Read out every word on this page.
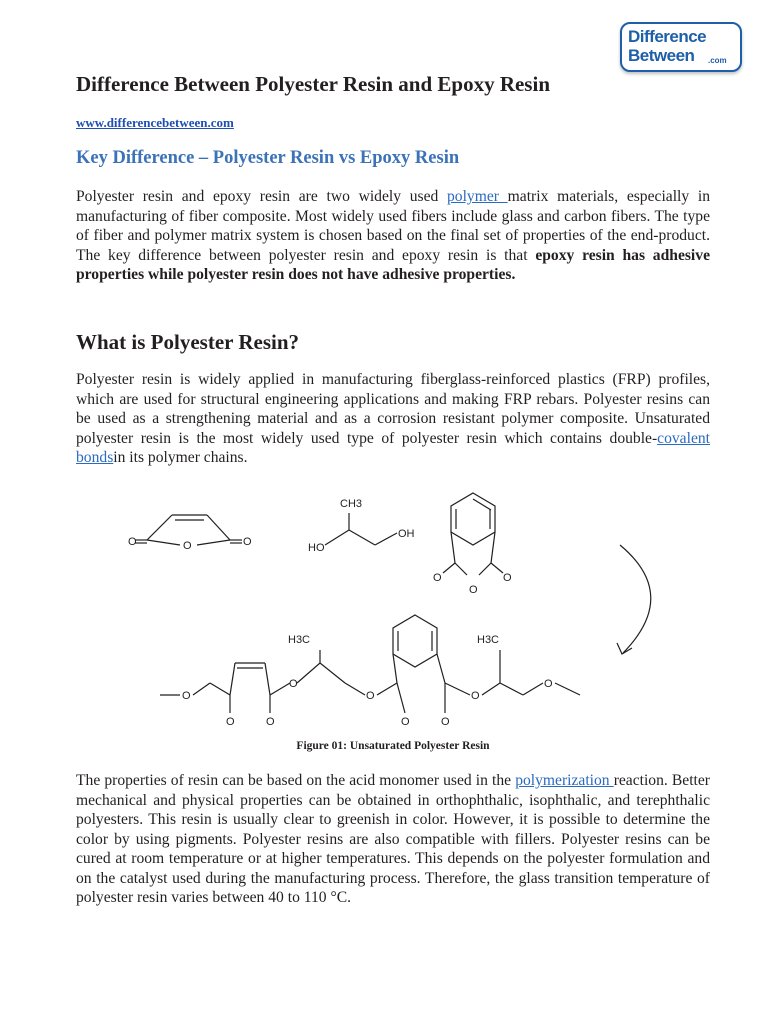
Difference
Between .com
Difference Between Polyester Resin and Epoxy Resin
www.differencebetween.com
Key Difference – Polyester Resin vs Epoxy Resin

Polyester resin and epoxy resin are two widely used polymer matrix materials, especially in manufacturing of fiber composite. Most widely used fibers include glass and carbon fibers. The type of fiber and polymer matrix system is chosen based on the final set of properties of the end-product. The key difference between polyester resin and epoxy resin is that epoxy resin has adhesive properties while polyester resin does not have adhesive properties.

What is Polyester Resin?

Polyester resin is widely applied in manufacturing fiberglass-reinforced plastics (FRP) profiles, which are used for structural engineering applications and making FRP rebars. Polyester resins can be used as a strengthening material and as a corrosion resistant polymer composite. Unsaturated polyester resin is the most widely used type of polyester resin which contains double-covalent bondsin its polymer chains.

Figure 01: Unsaturated Polyester Resin

The properties of resin can be based on the acid monomer used in the polymerization reaction. Better mechanical and physical properties can be obtained in orthophthalic, isophthalic, and terephthalic polyesters. This resin is usually clear to greenish in color. However, it is possible to determine the color by using pigments. Polyester resins are also compatible with fillers. Polyester resins can be cured at room temperature or at higher temperatures. This depends on the polyester formulation and on the catalyst used during the manufacturing process. Therefore, the glass transition temperature of polyester resin varies between 40 to 110 °C.

O	O	O
CH3
HO
OH
O
O
O
H3C	H3C
O
O	O
O
O
O	O
O
O
